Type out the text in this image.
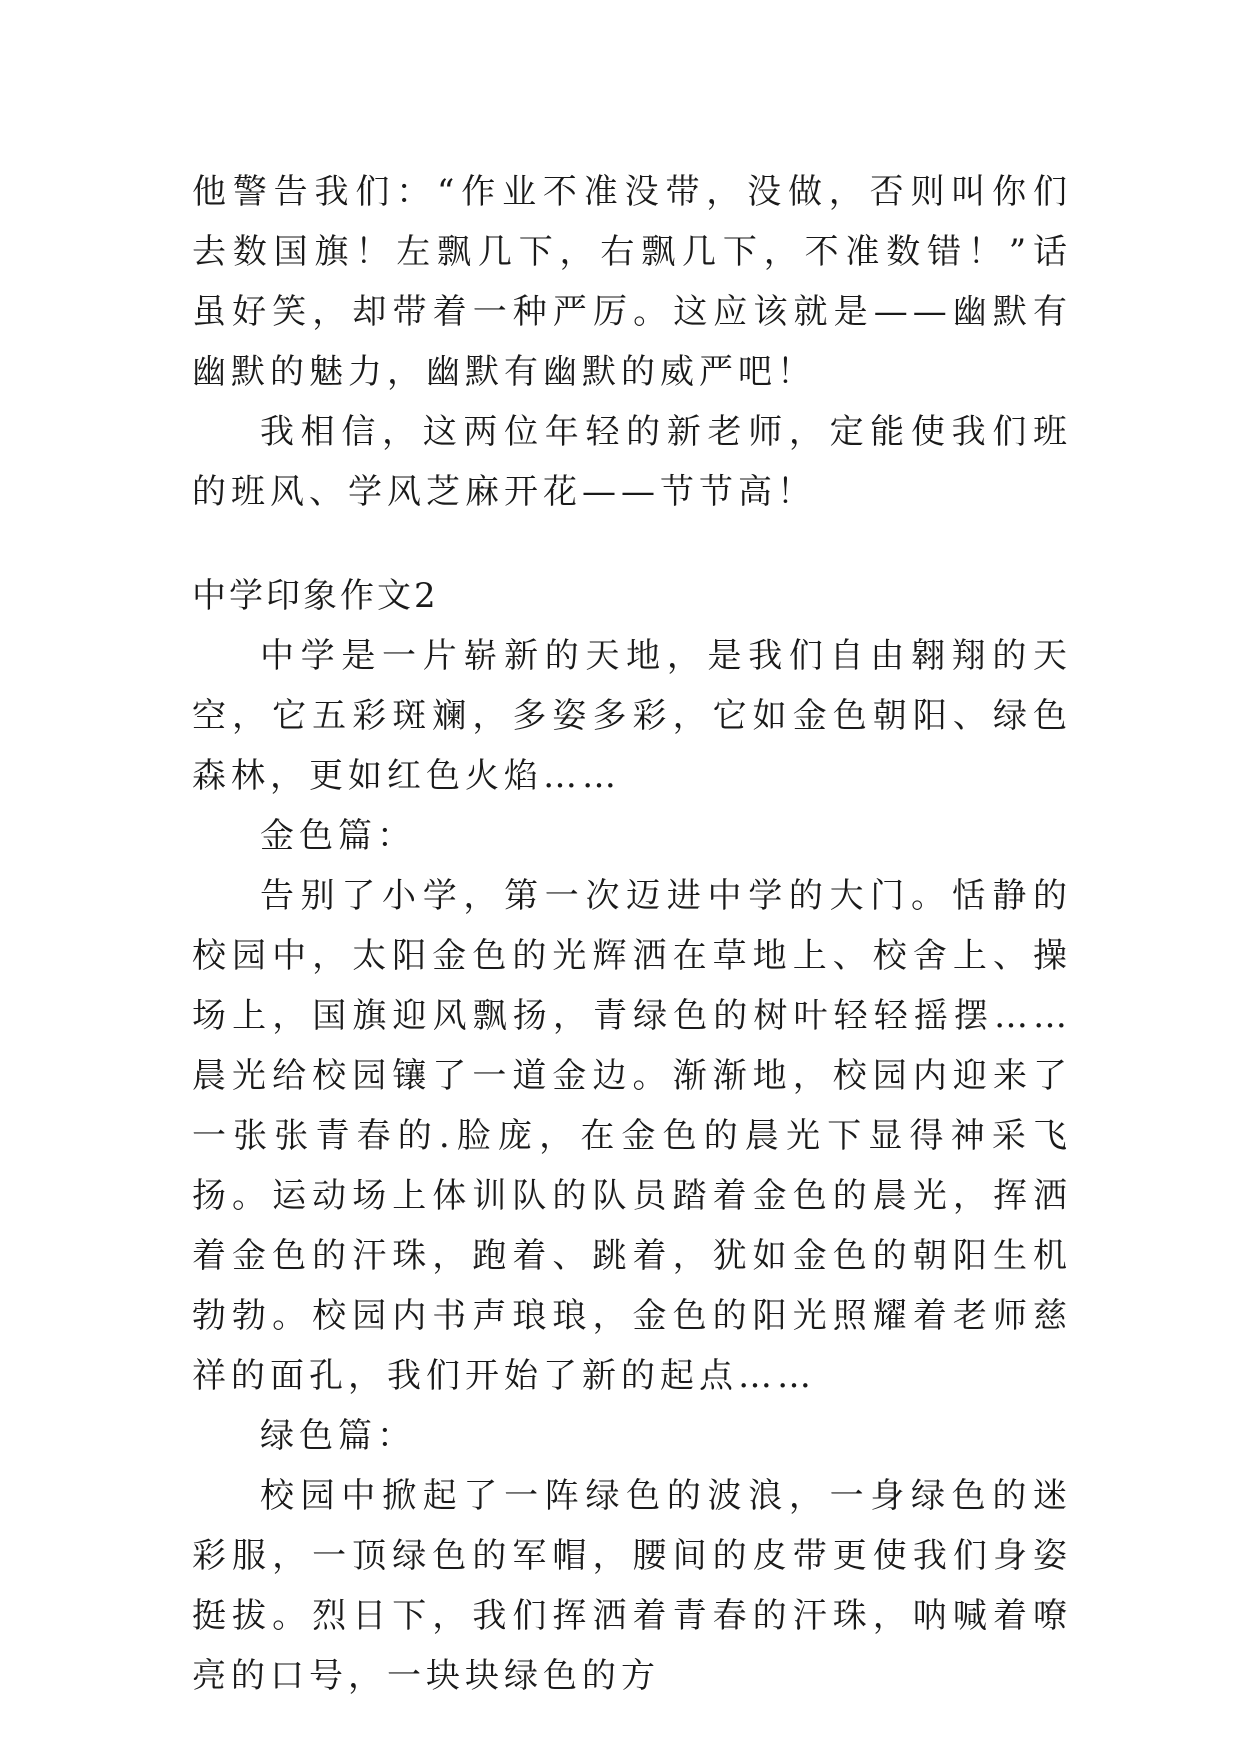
他警告我们：“作业不准没带，没做，否则叫你们去数国旗！左飘几下，右飘几下，不准数错！”话虽好笑，却带着一种严厉。这应该就是——幽默有幽默的魅力，幽默有幽默的威严吧！

我相信，这两位年轻的新老师，定能使我们班的班风、学风芝麻开花——节节高！

中学印象作文2

中学是一片崭新的天地，是我们自由翱翔的天空，它五彩斑斓，多姿多彩，它如金色朝阳、绿色森林，更如红色火焰……

金色篇：

告别了小学，第一次迈进中学的大门。恬静的校园中，太阳金色的光辉洒在草地上、校舍上、操场上，国旗迎风飘扬，青绿色的树叶轻轻摇摆……晨光给校园镶了一道金边。渐渐地，校园内迎来了一张张青春的.脸庞，在金色的晨光下显得神采飞扬。运动场上体训队的队员踏着金色的晨光，挥洒着金色的汗珠，跑着、跳着，犹如金色的朝阳生机勃勃。校园内书声琅琅，金色的阳光照耀着老师慈祥的面孔，我们开始了新的起点……

绿色篇：

校园中掀起了一阵绿色的波浪，一身绿色的迷彩服，一顶绿色的军帽，腰间的皮带更使我们身姿挺拔。烈日下，我们挥洒着青春的汗珠，呐喊着嘹亮的口号，一块块绿色的方
